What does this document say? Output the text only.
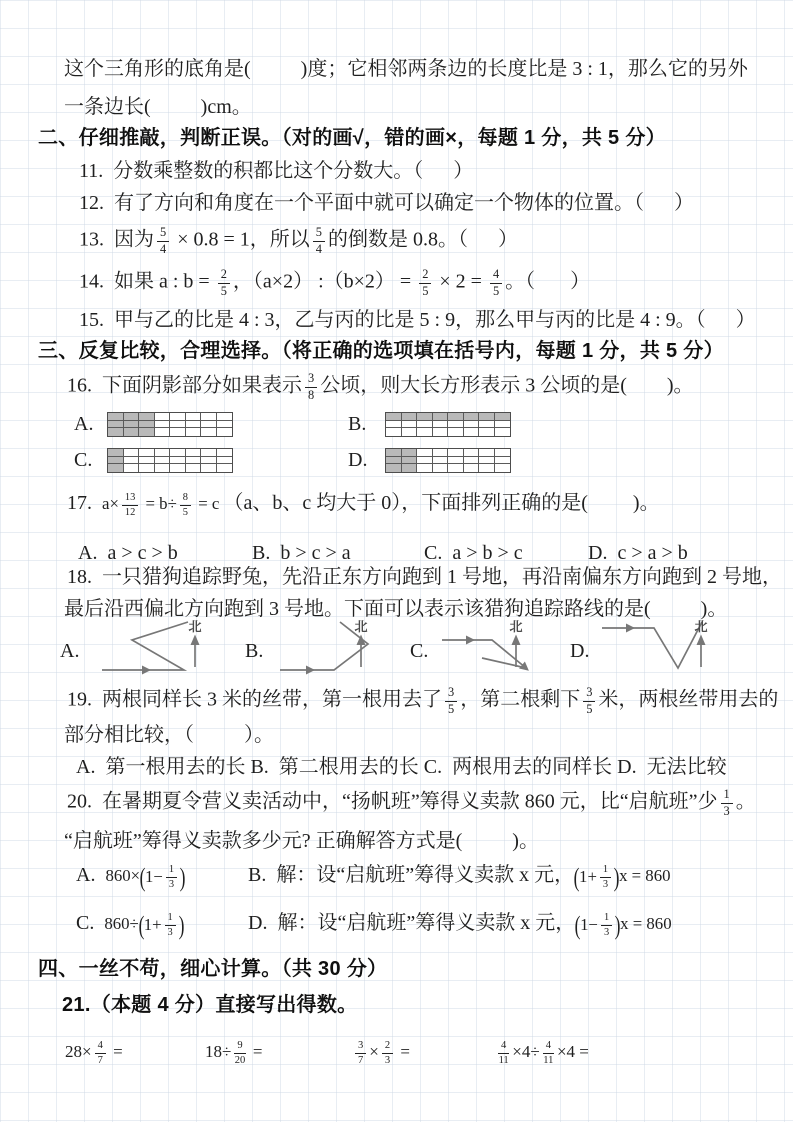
这个三角形的底角是(          )度；它相邻两条边的长度比是 3 : 1，那么它的另外
一条边长(          )cm。
二、仔细推敲，判断正误。（对的画√，错的画×，每题 1 分，共 5 分）
11.  分数乘整数的积都比这个分数大。（      ）
12.  有了方向和角度在一个平面中就可以确定一个物体的位置。（      ）
13.  因为 $\frac{5}{4} \times 0.8 = 1$，所以 $\frac{5}{4}$ 的倒数是 0.8。（      ）
14.  如果 a : $b = \frac{2}{5}$ ，（a×2） :（b×2） = $\frac{2}{5} \times 2 = \frac{4}{5}$ 。（       ）
15.  甲与乙的比是 4 : 3，乙与丙的比是 5 : 9，那么甲与丙的比是 4 : 9。（      ）
三、反复比较，合理选择。（将正确的选项填在括号内，每题 1 分，共 5 分）
16.  下面阴影部分如果表示 $\frac{3}{8}$ 公顷，则大长方形表示 3 公顷的是(        )。
A.	B.
C.	D.
17.  $a\times \frac{13}{12} = b\div \frac{8}{5} = c$ （a、b、c 均大于 0），下面排列正确的是(         )。
A.  a > c > b	B.  b > c > a	C.  a > b > c	D.  c > a > b
18.  一只猎狗追踪野兔，先沿正东方向跑到 1 号地，再沿南偏东方向跑到 2 号地，
最后沿西偏北方向跑到 3 号地。下面可以表示该猎狗追踪路线的是(          )。
A.
北
B.
北
C.
北
D.
北
19.  两根同样长 3 米的丝带，第一根用去了 $\frac{3}{5}$ ，第二根剩下 $\frac{3}{5}$ 米，两根丝带用去的
部分相比较，（          ）。
A.  第一根用去的长 B.  第二根用去的长 C.  两根用去的同样长 D.  无法比较
20.  在暑期夏令营义卖活动中，“扬帆班”筹得义卖款 860 元，比“启航班”少 $\frac{1}{3}$ 。
“启航班”筹得义卖款多少元? 正确解答方式是(          )。
A.  860× ( $1- \frac{1}{3}$ )	B.  解：设“启航班”筹得义卖款 x 元， ( $1+ \frac{1}{3}$ ) x = 860
C.  860÷ ( $1+ \frac{1}{3}$ )	D.  解：设“启航班”筹得义卖款 x 元， ( $1- \frac{1}{3}$ ) x = 860
四、一丝不苟，细心计算。（共 30 分）
21.（本题 4 分）直接写出得数。
$28\times \frac{4}{7}$ =	$18\div \frac{9}{20}$ =	$\frac{3}{7} \times \frac{2}{3}$ =	$\frac{4}{11} \times 4\div \frac{4}{11} \times 4$ =
